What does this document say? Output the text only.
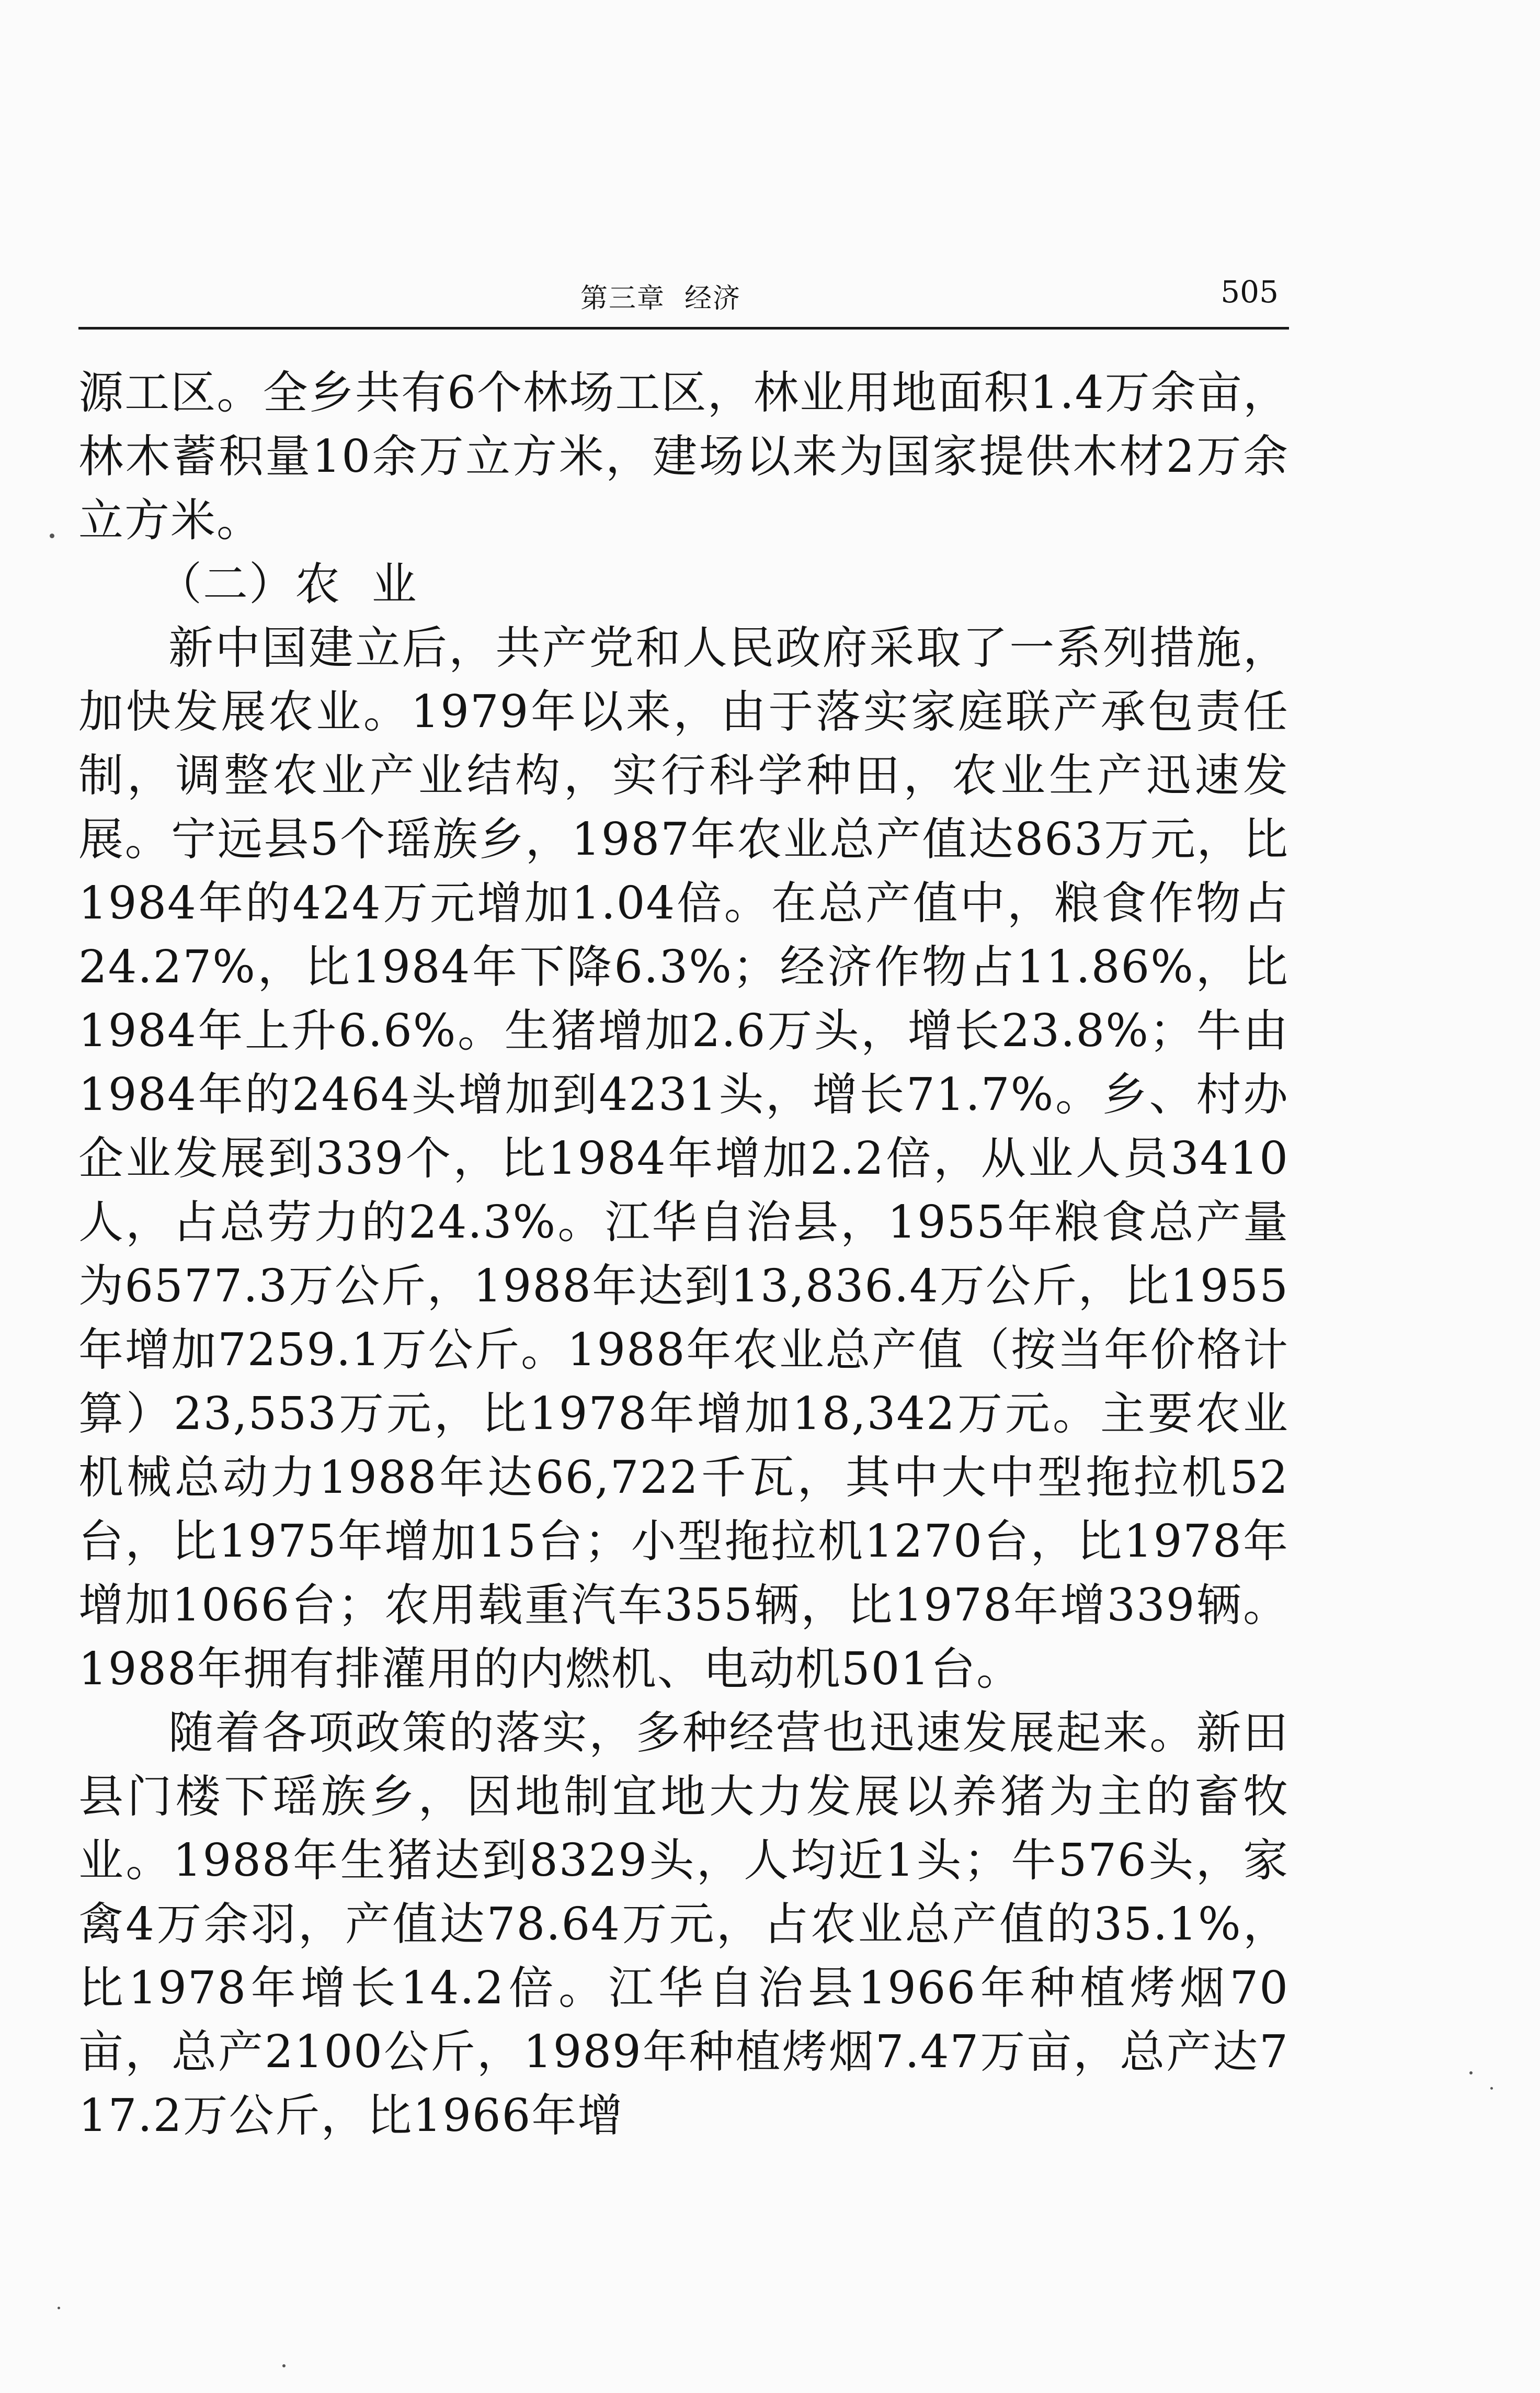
第三章  经济	505

源工区。全乡共有6个林场工区，林业用地面积1.4万余亩，林木蓄积量10余万立方米，建场以来为国家提供木材2万余立方米。

（二）农  业

新中国建立后，共产党和人民政府采取了一系列措施，加快发展农业。1979年以来，由于落实家庭联产承包责任制，调整农业产业结构，实行科学种田，农业生产迅速发展。宁远县5个瑶族乡，1987年农业总产值达863万元，比1984年的424万元增加1.04倍。在总产值中，粮食作物占24.27%，比1984年下降6.3%；经济作物占11.86%，比1984年上升6.6%。生猪增加2.6万头，增长23.8%；牛由1984年的2464头增加到4231头，增长71.7%。乡、村办企业发展到339个，比1984年增加2.2倍，从业人员3410人，占总劳力的24.3%。江华自治县，1955年粮食总产量为6577.3万公斤，1988年达到13,836.4万公斤，比1955年增加7259.1万公斤。1988年农业总产值（按当年价格计算）23,553万元，比1978年增加18,342万元。主要农业机械总动力1988年达66,722千瓦，其中大中型拖拉机52台，比1975年增加15台；小型拖拉机1270台，比1978年增加1066台；农用载重汽车355辆，比1978年增339辆。1988年拥有排灌用的内燃机、电动机501台。

随着各项政策的落实，多种经营也迅速发展起来。新田县门楼下瑶族乡，因地制宜地大力发展以养猪为主的畜牧业。1988年生猪达到8329头，人均近1头；牛576头，家禽4万余羽，产值达78.64万元，占农业总产值的35.1%，比1978年增长14.2倍。江华自治县1966年种植烤烟70亩，总产2100公斤，1989年种植烤烟7.47万亩，总产达717.2万公斤，比1966年增
